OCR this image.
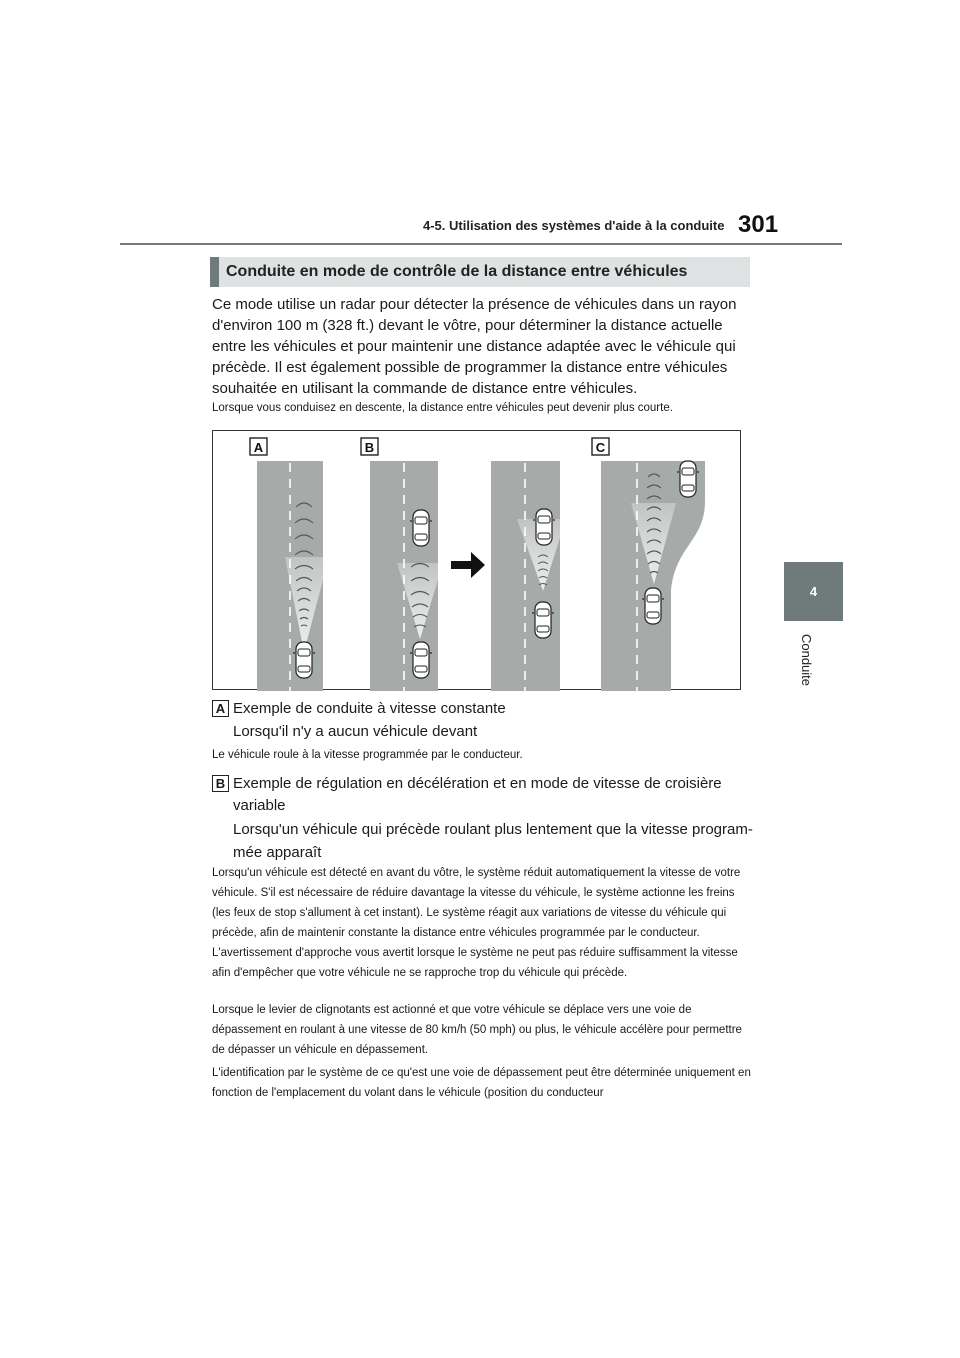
4-5. Utilisation des systèmes d'aide à la conduite 301
4
Conduite
Conduite en mode de contrôle de la distance entre véhicules

Ce mode utilise un radar pour détecter la présence de véhicules dans un rayon d'environ 100 m (328 ft.) devant le vôtre, pour déterminer la distance actuelle entre les véhicules et pour maintenir une distance adaptée avec le véhicule qui précède. Il est également possible de programmer la distance entre véhicules souhaitée en utilisant la commande de distance entre véhicules.

Lorsque vous conduisez en descente, la distance entre véhicules peut devenir plus courte.

A	B	C
A Exemple de conduite à vitesse constante

Lorsqu'il n'y a aucun véhicule devant

Le véhicule roule à la vitesse programmée par le conducteur.

B Exemple de régulation en décélération et en mode de vitesse de croisière

variable

Lorsqu'un véhicule qui précède roulant plus lentement que la vitesse program-

mée apparaît

Lorsqu'un véhicule est détecté en avant du vôtre, le système réduit automatiquement la vitesse de votre véhicule. S'il est nécessaire de réduire davantage la vitesse du véhicule, le système actionne les freins (les feux de stop s'allument à cet instant). Le système réagit aux variations de vitesse du véhicule qui précède, afin de maintenir constante la distance entre véhicules programmée par le conducteur. L'avertissement d'approche vous avertit lorsque le système ne peut pas réduire suffisamment la vitesse afin d'empêcher que votre véhicule ne se rapproche trop du véhicule qui précède.

Lorsque le levier de clignotants est actionné et que votre véhicule se déplace vers une voie de dépassement en roulant à une vitesse de 80 km/h (50 mph) ou plus, le véhicule accélère pour permettre de dépasser un véhicule en dépassement.

L'identification par le système de ce qu'est une voie de dépassement peut être déterminée uniquement en fonction de l'emplacement du volant dans le véhicule (position du conducteur
